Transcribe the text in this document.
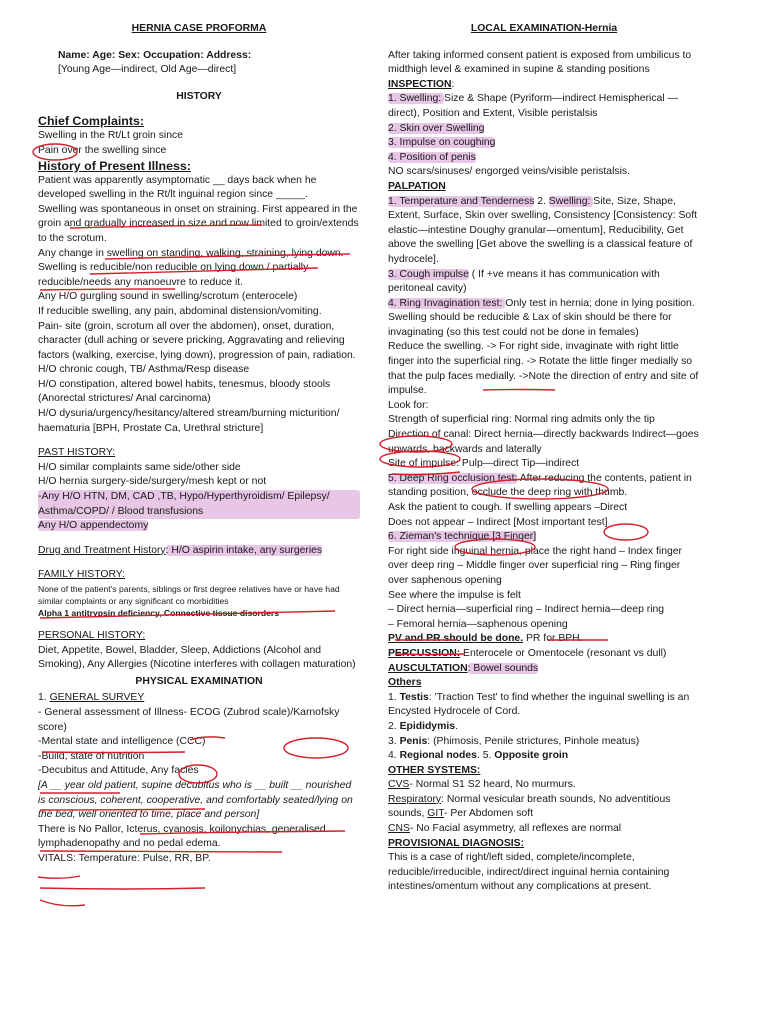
HERNIA CASE PROFORMA

Name: Age: Sex: Occupation: Address:

[Young Age—indirect, Old Age—direct]

HISTORY

Chief Complaints:

Swelling in the Rt/Lt groin since

Pain over the swelling since

History of Present Illness:

Patient was apparently asymptomatic __ days back when he developed swelling in the Rt/lt inguinal region since _____.

Swelling was spontaneous in onset on straining. First appeared in the groin and gradually increased in size and now limited to groin/extends to the scrotum.

Any change in swelling on standing, walking, straining, lying down.

Swelling is reducible/non reducible on lying down / partially reducible/needs any manoeuvre to reduce it.

Any H/O gurgling sound in swelling/scrotum (enterocele)

If reducible swelling, any pain, abdominal distension/vomiting.

Pain- site (groin, scrotum all over the abdomen), onset, duration, character (dull aching or severe pricking, Aggravating and relieving factors (walking, exercise, lying down), progression of pain, radiation.

H/O chronic cough, TB/ Asthma/Resp disease

H/O constipation, altered bowel habits, tenesmus, bloody stools (Anorectal strictures/ Anal carcinoma)

H/O dysuria/urgency/hesitancy/altered stream/burning micturition/ haematuria [BPH, Prostate Ca, Urethral stricture]

PAST HISTORY:

H/O similar complaints same side/other side

H/O hernia surgery-side/surgery/mesh kept or not

-Any H/O HTN, DM, CAD ,TB, Hypo/Hyperthyroidism/ Epilepsy/ Asthma/COPD/ / Blood transfusions

Any H/O appendectomy

Drug and Treatment History: H/O aspirin intake, any surgeries

FAMILY HISTORY:

None of the patient's parents, siblings or first degree relatives have or have had similar complaints or any significant co morbidities

Alpha 1 antitrypsin deficiency, Connective tissue disorders

PERSONAL HISTORY:

Diet, Appetite, Bowel, Bladder, Sleep, Addictions (Alcohol and Smoking), Any Allergies (Nicotine interferes with collagen maturation)

PHYSICAL EXAMINATION

1. GENERAL SURVEY

- General assessment of Illness- ECOG (Zubrod scale)/Karnofsky score)

-Mental state and intelligence (CCC)

-Build, state of nutrition

-Decubitus and Attitude, Any facies

[A __ year old patient, supine decubitus who is __ built __ nourished is conscious, coherent, cooperative, and comfortably seated/lying on the bed, well oriented to time, place and person]

There is No Pallor, Icterus, cyanosis, koilonychias, generalised lymphadenopathy and no pedal edema.

VITALS: Temperature: Pulse, RR, BP.

LOCAL EXAMINATION-Hernia

After taking informed consent patient is exposed from umbilicus to midthigh level & examined in supine & standing positions

INSPECTION:

1. Swelling: Size & Shape (Pyriform—indirect Hemispherical — direct), Position and Extent, Visible peristalsis

2. Skin over Swelling

3. Impulse on coughing

4. Position of penis

NO scars/sinuses/ engorged veins/visible peristalsis.

PALPATION

1. Temperature and Tenderness 2. Swelling: Site, Size, Shape, Extent, Surface, Skin over swelling, Consistency [Consistency: Soft elastic—intestine Doughy granular—omentum], Reducibility, Get above the swelling [Get above the swelling is a classical feature of hydrocele].

3. Cough impulse ( If +ve means it has communication with peritoneal cavity)

4. Ring Invagination test: Only test in hernia; done in lying position. Swelling should be reducible & Lax of skin should be there for invaginating (so this test could not be done in females)

Reduce the swelling. -> For right side, invaginate with right little finger into the superficial ring. -> Rotate the little finger medially so that the pulp faces medially. ->Note the direction of entry and site of impulse.

Look for:

Strength of superficial ring: Normal ring admits only the tip

Direction of canal: Direct hernia—directly backwards Indirect—goes upwards, backwards and laterally

Site of impulse: Pulp—direct Tip—indirect

5. Deep Ring occlusion test: After reducing the contents, patient in standing position, occlude the deep ring with thumb.

Ask the patient to cough. If swelling appears –Direct

Does not appear – Indirect [Most important test]

6. Zieman's technique [3 Finger]

For right side inguinal hernia, place the right hand – Index finger over deep ring – Middle finger over superficial ring – Ring finger over saphenous opening

See where the impulse is felt

– Direct hernia—superficial ring – Indirect hernia—deep ring

– Femoral hernia—saphenous opening

PV and PR should be done. PR for BPH.

PERCUSSION: Enterocele or Omentocele (resonant vs dull)

AUSCULTATION: Bowel sounds

Others

1. Testis: 'Traction Test' to find whether the inguinal swelling is an Encysted Hydrocele of Cord.

2. Epididymis.

3. Penis: (Phimosis, Penile strictures, Pinhole meatus)

4. Regional nodes. 5. Opposite groin

OTHER SYSTEMS:

CVS- Normal S1 S2 heard, No murmurs.

Respiratory: Normal vesicular breath sounds, No adventitious sounds, GIT- Per Abdomen soft

CNS- No Facial asymmetry, all reflexes are normal

PROVISIONAL DIAGNOSIS:

This is a case of right/left sided, complete/incomplete, reducible/irreducible, indirect/direct inguinal hernia containing intestines/omentum without any complications at present.
